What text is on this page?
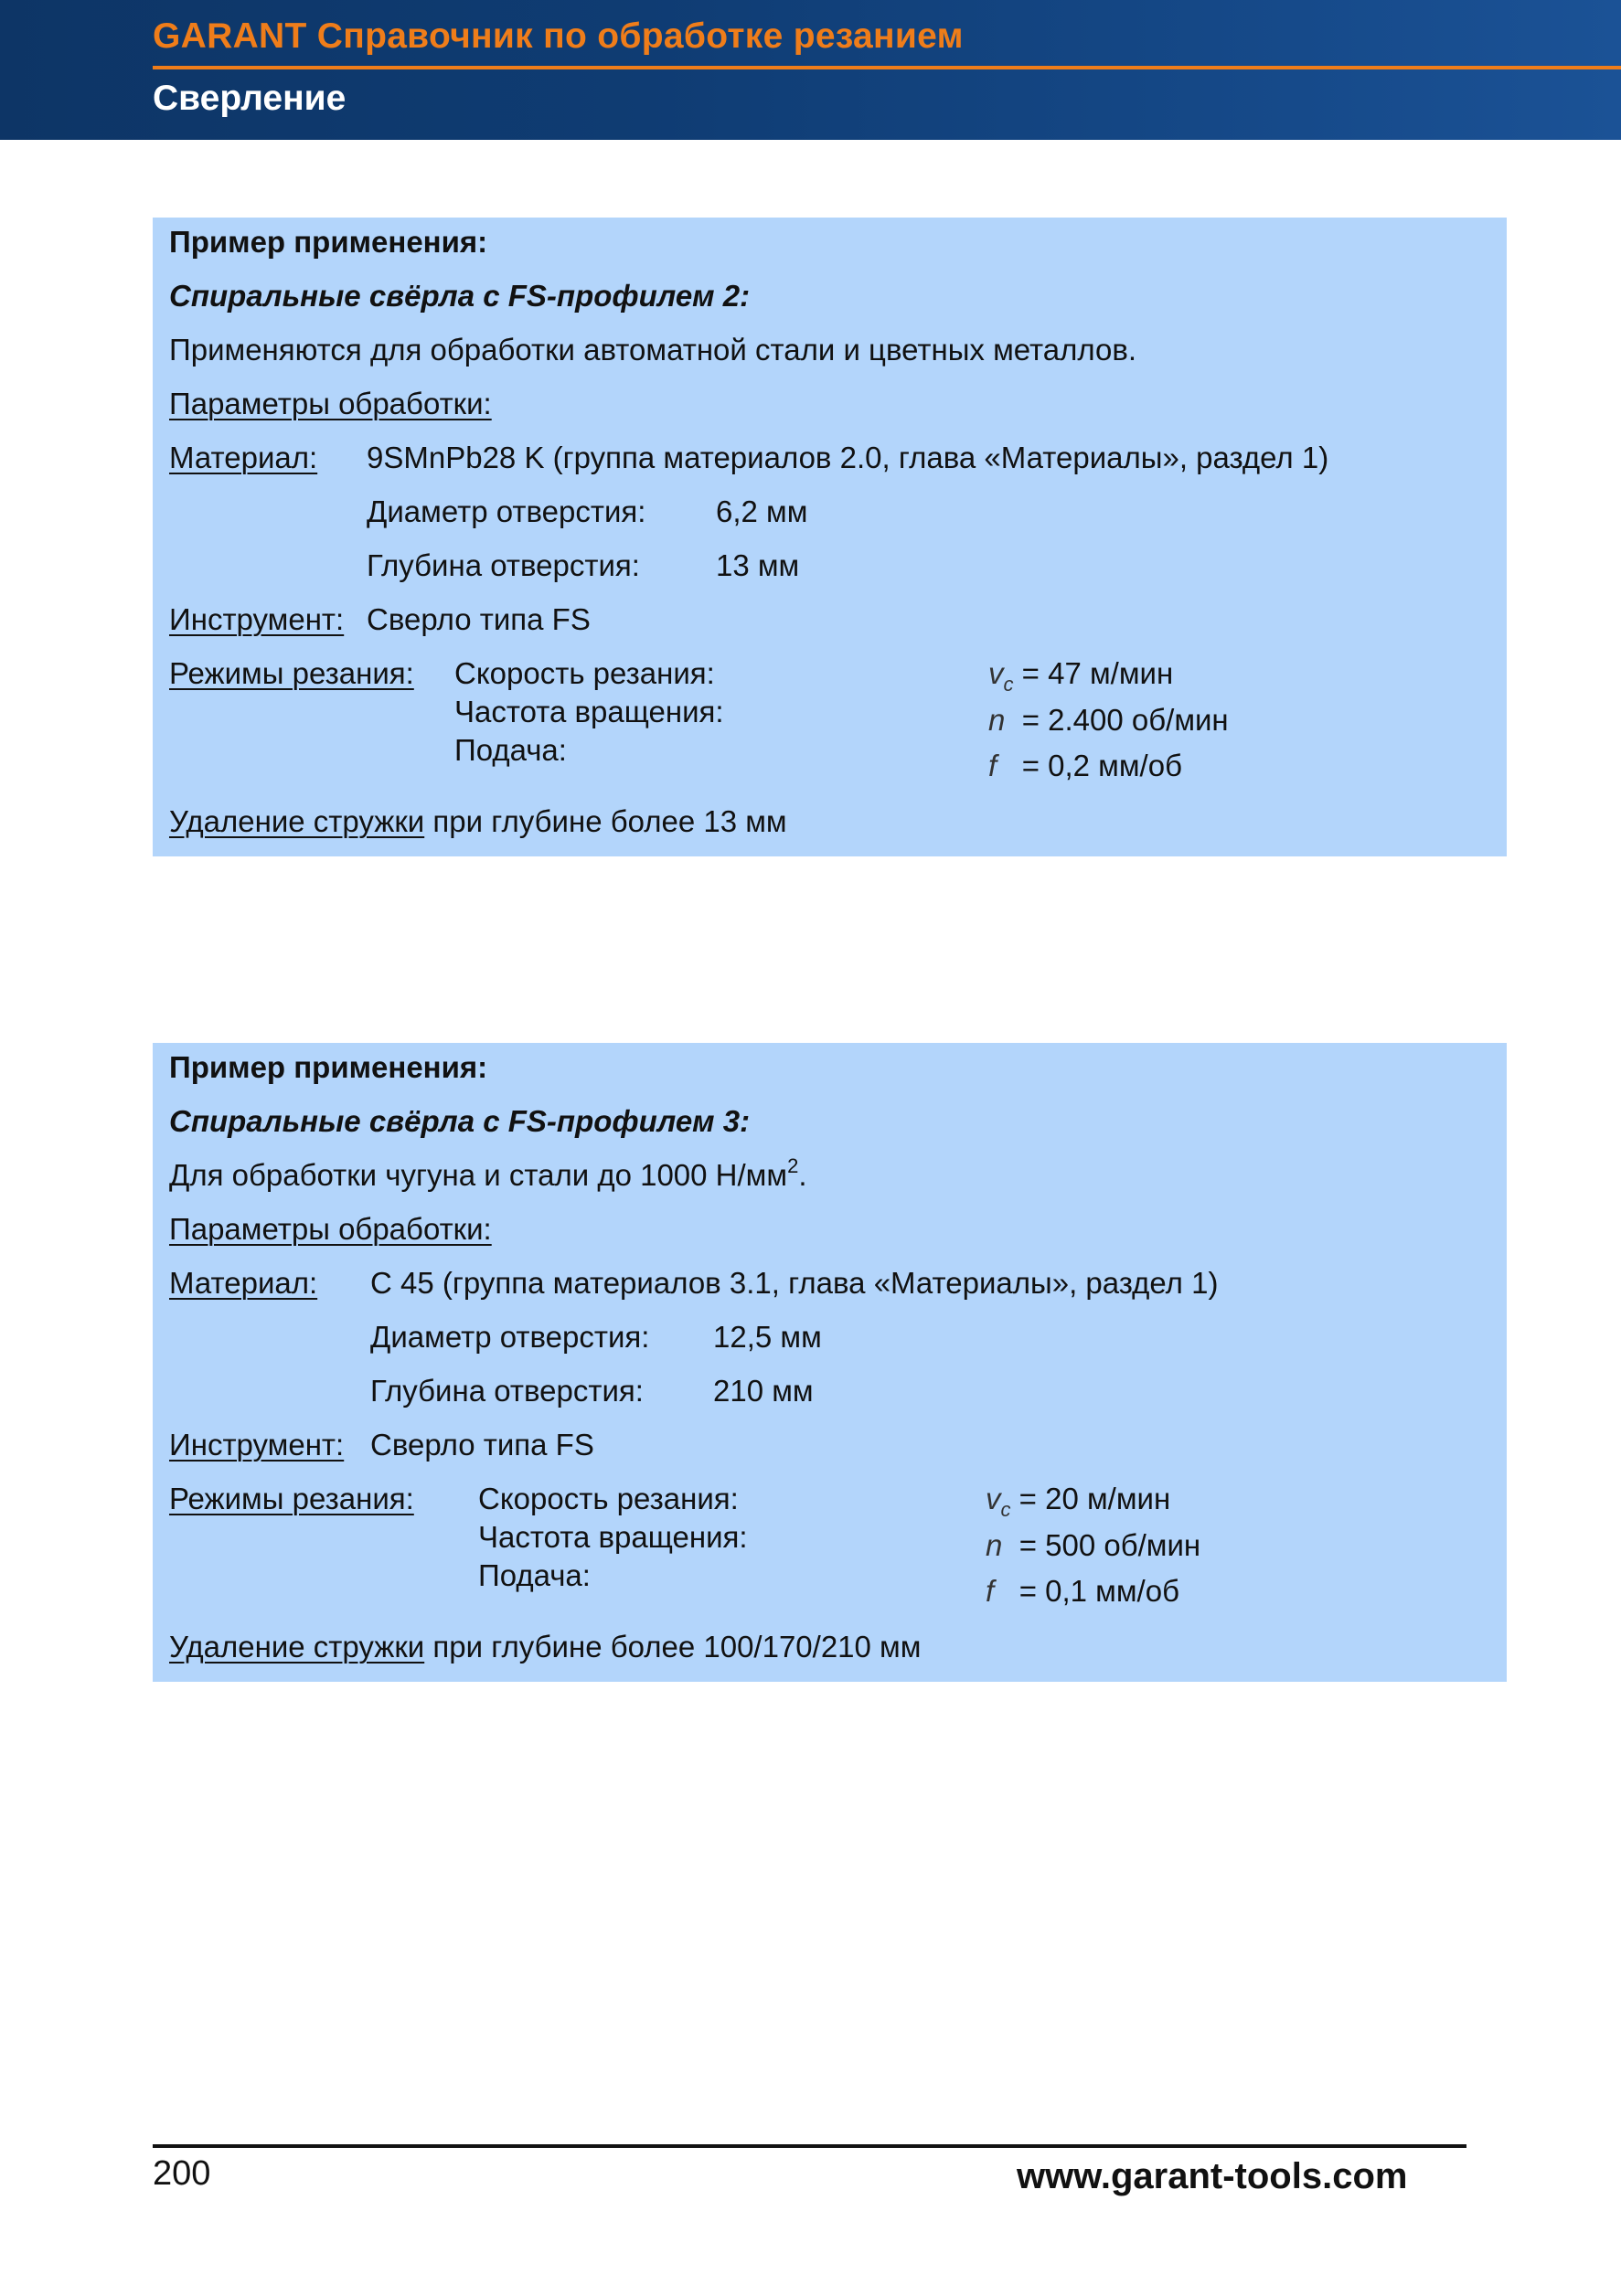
GARANT Справочник по обработке резанием
Сверление
Пример применения:
Спиральные свёрла с FS-профилем 2:
Применяются для обработки автоматной стали и цветных металлов.
Параметры обработки:
Материал: 9SMnPb28 K (группа материалов 2.0, глава «Материалы», раздел 1)
Диаметр отверстия: 6,2 мм
Глубина отверстия:	13 мм
Инструмент: Сверло типа FS
Режимы резания: Скорость резания:
Частота вращения:
Подача:
$v_c = 47$ м/мин
n = 2.400 об/мин
f = 0,2 мм/об
Удаление стружки при глубине более 13 мм
Пример применения:
Спиральные свёрла с FS-профилем 3:
Для обработки чугуна и стали до 1000 $Н/мм^2$.
Параметры обработки:
Материал: C 45 (группа материалов 3.1, глава «Материалы», раздел 1)
Диаметр отверстия: 12,5 мм
Глубина отверстия: 210 мм
Инструмент: Сверло типа FS
Режимы резания: Скорость резания:
Частота вращения:
Подача:
$v_c = 20$ м/мин
n = 500 об/мин
f = 0,1 мм/об
Удаление стружки при глубине более 100/170/210 мм
200	www.garant-tools.com
